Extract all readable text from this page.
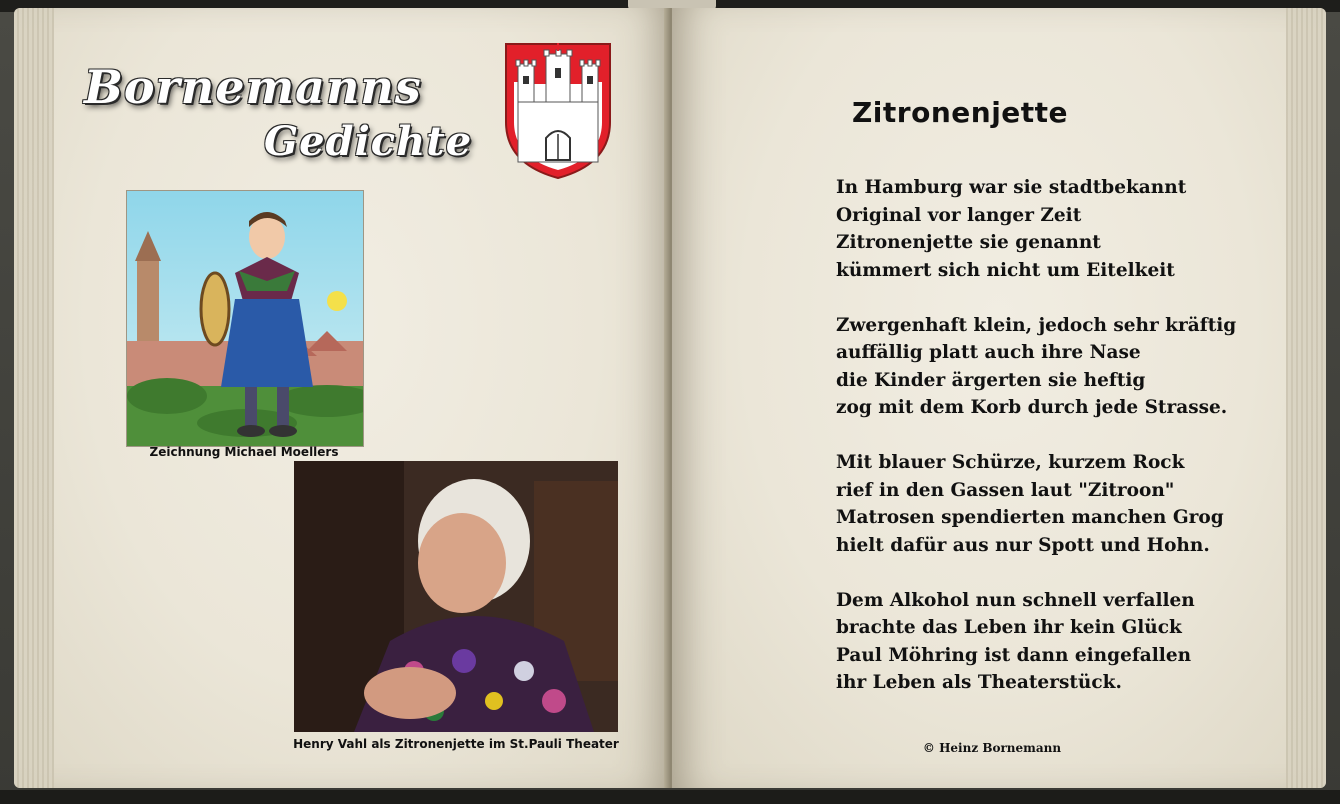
Bornemanns
Gedichte
Zeichnung Michael Moellers
Henry Vahl als Zitronenjette im St.Pauli Theater
Zitronenjette
In Hamburg war sie stadtbekannt
Original vor langer Zeit
Zitronenjette sie genannt
kümmert sich nicht um Eitelkeit
Zwergenhaft klein, jedoch sehr kräftig
auffällig platt auch ihre Nase
die Kinder ärgerten sie heftig
zog mit dem Korb durch jede Strasse.
Mit blauer Schürze, kurzem Rock
rief in den Gassen laut "Zitroon"
Matrosen spendierten manchen Grog
hielt dafür aus nur Spott und Hohn.
Dem Alkohol nun schnell verfallen
brachte das Leben ihr kein Glück
Paul Möhring ist dann eingefallen
ihr Leben als Theaterstück.
© Heinz Bornemann
